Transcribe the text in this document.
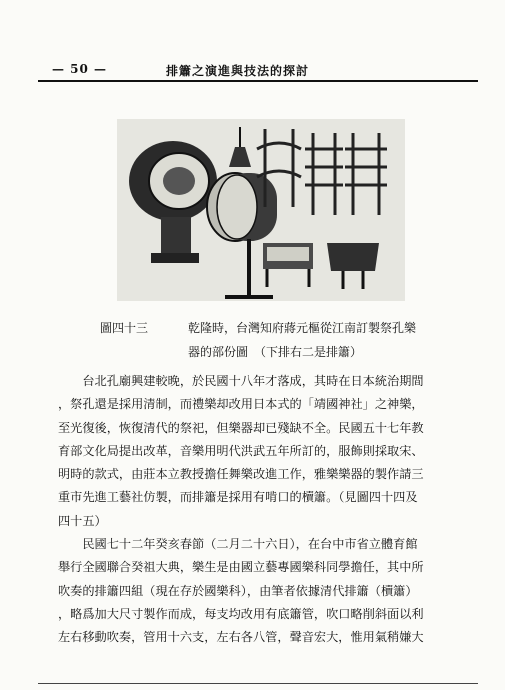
— 50 —	排簫之演進與技法的探討
圖四十三	乾隆時，台灣知府蔣元樞從江南訂製祭孔樂
器的部份圖　（下排右二是排簫）
　　台北孔廟興建較晚，於民國十八年才落成，其時在日本統治期間
，祭孔還是採用清制，而禮樂却改用日本式的「靖國神社」之神樂，
至光復後，恢復清代的祭祀，但樂器却已殘缺不全。民國五十七年教
育部文化局提出改革，音樂用明代洪武五年所訂的，服飾則採取宋、
明時的款式，由莊本立教授擔任舞樂改進工作，雅樂樂器的製作請三
重市先進工藝社仿製，而排簫是採用有啃口的櫝簫。（見圖四十四及
四十五）
　　民國七十二年癸亥春節（二月二十六日），在台中市省立體育館
舉行全國聯合癸祖大典，樂生是由國立藝專國樂科同學擔任，其中所
吹奏的排簫四組（現在存於國樂科），由筆者依據清代排簫（櫝簫）
，略爲加大尺寸製作而成，每支均改用有底簫管，吹口略削斜面以利
左右移動吹奏，管用十六支，左右各八管，聲音宏大，惟用氣稍嫌大
